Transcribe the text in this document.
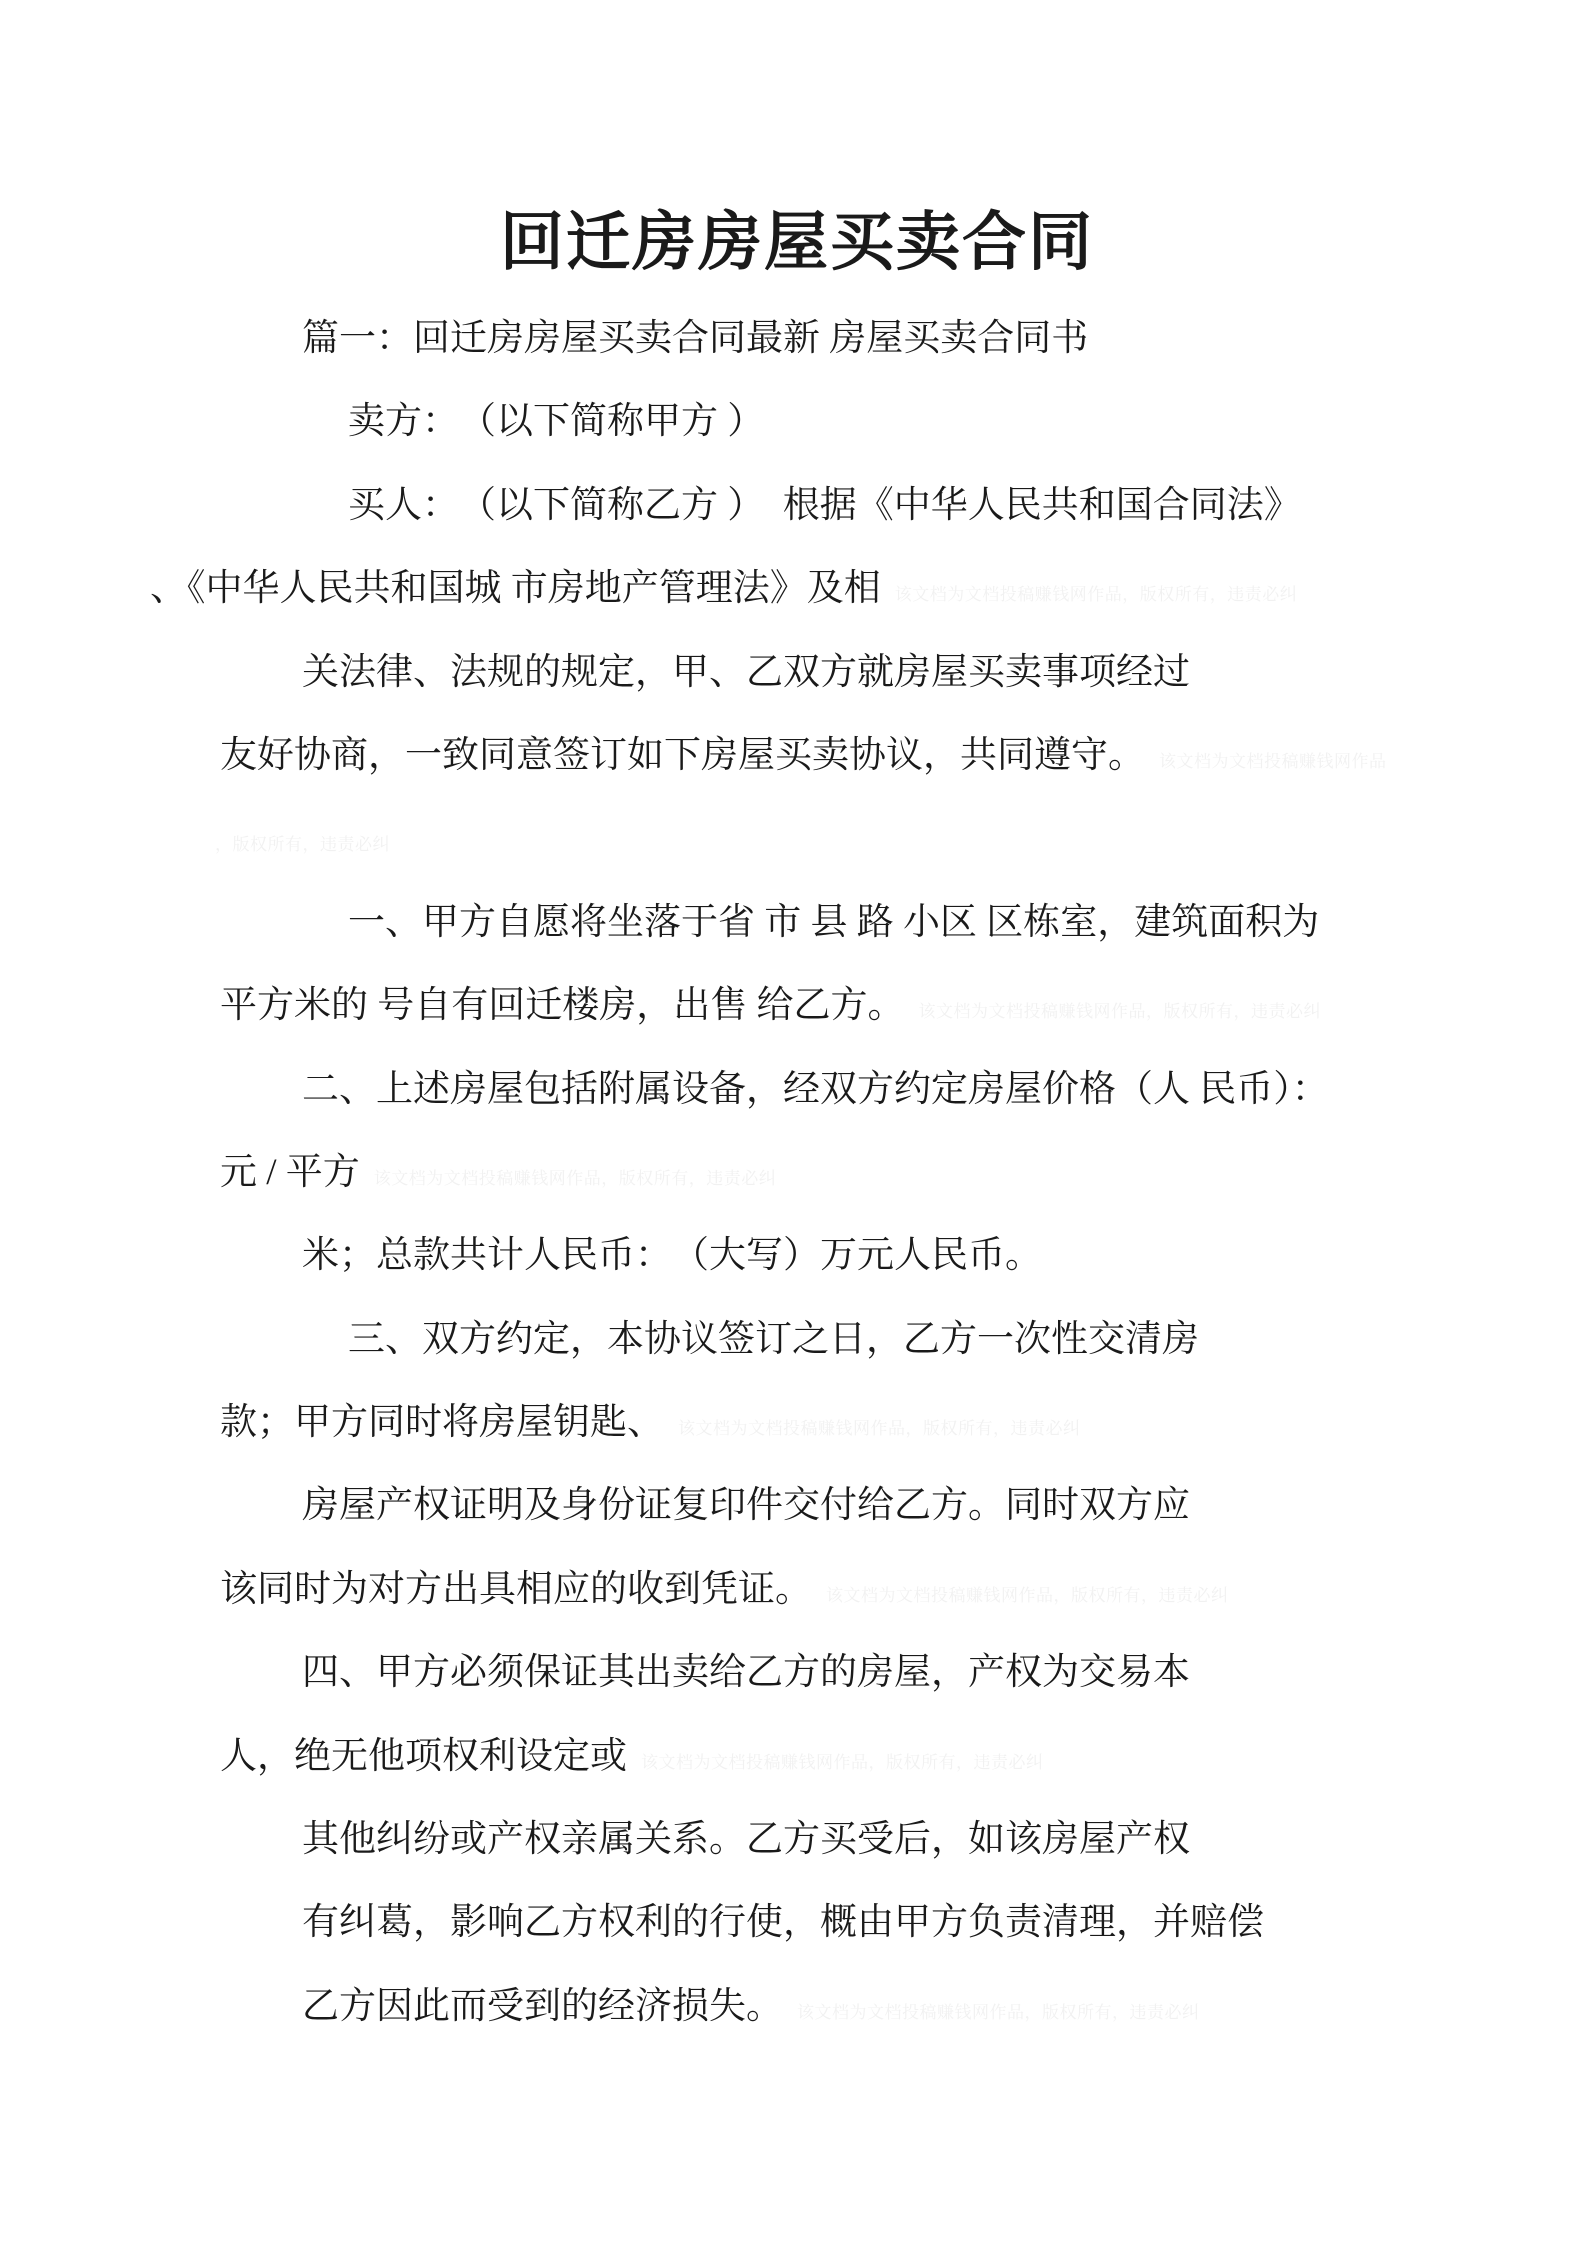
回迁房房屋买卖合同
篇一：回迁房房屋买卖合同最新 房屋买卖合同书
卖方：　（以下简称甲方 ）
买人：　（以下简称乙方 ）　根据《中华人民共和国合同法》
、《中华人民共和国城 市房地产管理法》及相 该文档为文档投稿赚钱网作品，版权所有，违责必纠
关法律、法规的规定，甲、乙双方就房屋买卖事项经过
友好协商，一致同意签订如下房屋买卖协议，共同遵守。 该文档为文档投稿赚钱网作品
，版权所有，违责必纠
一、甲方自愿将坐落于省 市 县 路 小区 区栋室，建筑面积为
平方米的 号自有回迁楼房，出售 给乙方。 该文档为文档投稿赚钱网作品，版权所有，违责必纠
二、上述房屋包括附属设备，经双方约定房屋价格（人 民币）：
元 / 平方 该文档为文档投稿赚钱网作品，版权所有，违责必纠
米；总款共计人民币：　（大写）万元人民币。
三、双方约定，本协议签订之日，乙方一次性交清房
款；甲方同时将房屋钥匙、 该文档为文档投稿赚钱网作品，版权所有，违责必纠
房屋产权证明及身份证复印件交付给乙方。同时双方应
该同时为对方出具相应的收到凭证。 该文档为文档投稿赚钱网作品，版权所有，违责必纠
四、甲方必须保证其出卖给乙方的房屋，产权为交易本
人，绝无他项权利设定或 该文档为文档投稿赚钱网作品，版权所有，违责必纠
其他纠纷或产权亲属关系。乙方买受后，如该房屋产权
有纠葛，影响乙方权利的行使，概由甲方负责清理，并赔偿
乙方因此而受到的经济损失。 该文档为文档投稿赚钱网作品，版权所有，违责必纠
